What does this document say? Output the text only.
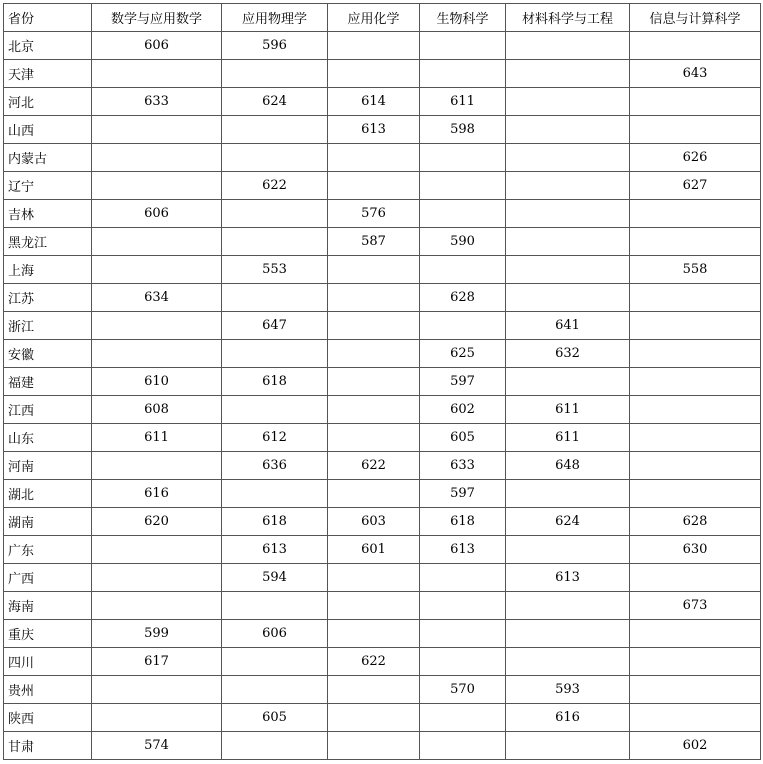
省份	数学与应用数学	应用物理学	应用化学	生物科学	材料科学与工程	信息与计算科学
北京	606	596				
天津						643
河北	633	624	614	611		
山西			613	598		
内蒙古						626
辽宁		622				627
吉林	606		576			
黑龙江			587	590		
上海		553				558
江苏	634			628		
浙江		647			641	
安徽				625	632	
福建	610	618		597		
江西	608			602	611	
山东	611	612		605	611	
河南		636	622	633	648	
湖北	616			597		
湖南	620	618	603	618	624	628
广东		613	601	613		630
广西		594			613	
海南						673
重庆	599	606				
四川	617		622			
贵州				570	593	
陕西		605			616	
甘肃	574					602
